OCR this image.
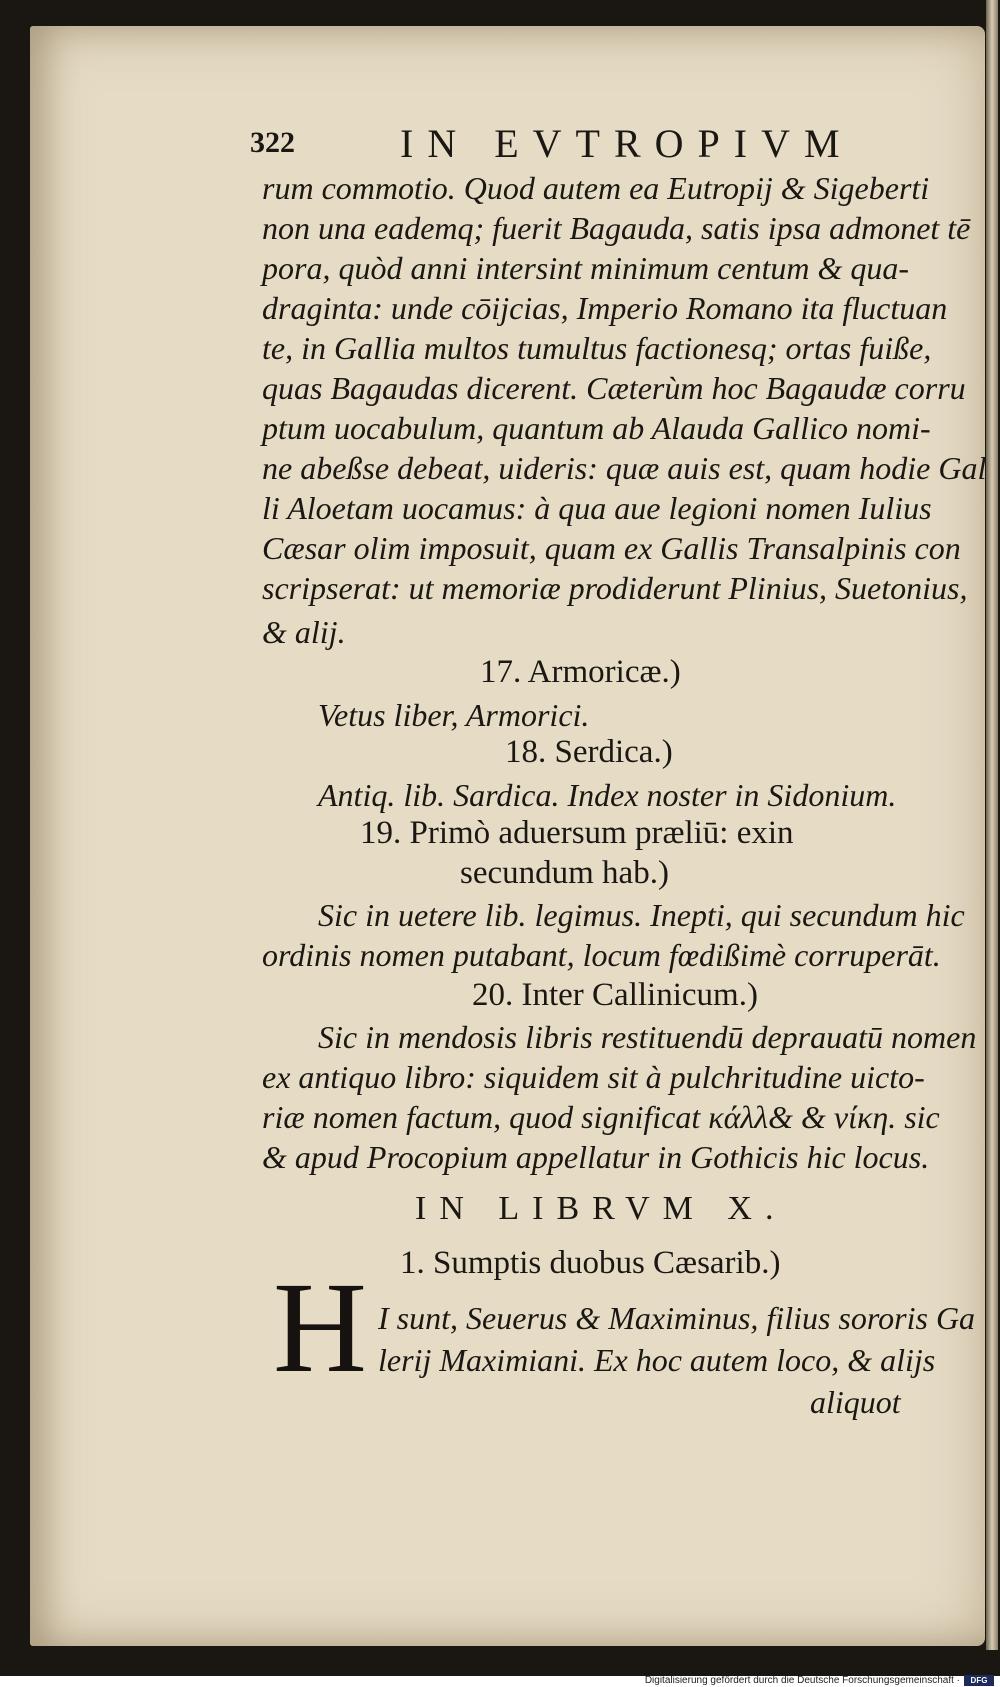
322	IN EVTROPIVM
rum commotio. Quod autem ea Eutropij & Sigeberti
non una eademq; fuerit Bagauda, satis ipsa admonet tē
pora, quòd anni intersint minimum centum & qua-
draginta: unde cōijcias, Imperio Romano ita fluctuan
te, in Gallia multos tumultus factionesq; ortas fuiße,
quas Bagaudas dicerent. Cæterùm hoc Bagaudæ corru
ptum uocabulum, quantum ab Alauda Gallico nomi-
ne abeßse debeat, uideris: quæ auis est, quam hodie Gal
li Aloetam uocamus: à qua aue legioni nomen Iulius
Cæsar olim imposuit, quam ex Gallis Transalpinis con
scripserat: ut memoriæ prodiderunt Plinius, Suetonius,
& alij.
17. Armoricæ.)
Vetus liber, Armorici.
18. Serdica.)
Antiq. lib. Sardica. Index noster in Sidonium.
19. Primò aduersum præliū: exin
secundum hab.)
Sic in uetere lib. legimus. Inepti, qui secundum hic
ordinis nomen putabant, locum fœdißimè corruperāt.
20. Inter Callinicum.)
Sic in mendosis libris restituendū deprauatū nomen
ex antiquo libro: siquidem sit à pulchritudine uicto-
riæ nomen factum, quod significat κάλλ& & νίκη. sic
& apud Procopium appellatur in Gothicis hic locus.
IN LIBRVM X.
1. Sumptis duobus Cæsarib.)
H I sunt, Seuerus & Maximinus, filius sororis Ga
lerij Maximiani. Ex hoc autem loco, & alijs
aliquot
Digitalisierung gefördert durch die Deutsche Forschungsgemeinschaft ·	DFG
